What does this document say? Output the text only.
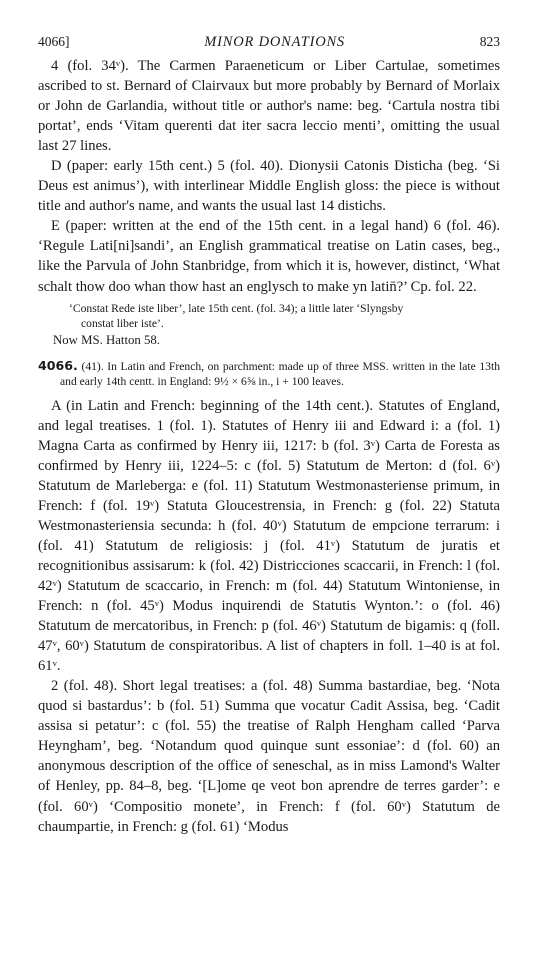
4066]	MINOR DONATIONS	823

4 (fol. 34ᵛ). The Carmen Paraeneticum or Liber Cartulae, sometimes ascribed to st. Bernard of Clairvaux but more probably by Bernard of Morlaix or John de Garlandia, without title or author's name: beg. ‘Cartula nostra tibi portat’, ends ‘Vitam querenti dat iter sacra leccio menti’, omitting the usual last 27 lines.

D (paper: early 15th cent.) 5 (fol. 40). Dionysii Catonis Disticha (beg. ‘Si Deus est animus’), with interlinear Middle English gloss: the piece is without title and author's name, and wants the usual last 14 distichs.

E (paper: written at the end of the 15th cent. in a legal hand) 6 (fol. 46). ‘Regule Lati[ni]sandi’, an English grammatical treatise on Latin cases, beg., like the Parvula of John Stanbridge, from which it is, however, distinct, ‘What schalt thow doo whan thow hast an englysch to make yn latin̄?’ Cp. fol. 22.

‘Constat Rede iste liber’, late 15th cent. (fol. 34); a little later ‘Slyngsby
constat liber iste’.

Now MS. Hatton 58.

4066. (41). In Latin and French, on parchment: made up of three MSS. written in the late 13th and early 14th centt. in England: 9½ × 6⅝ in., i + 100 leaves.

A (in Latin and French: beginning of the 14th cent.). Statutes of England, and legal treatises. 1 (fol. 1). Statutes of Henry iii and Edward i: a (fol. 1) Magna Carta as confirmed by Henry iii, 1217: b (fol. 3ᵛ) Carta de Foresta as confirmed by Henry iii, 1224–5: c (fol. 5) Statutum de Merton: d (fol. 6ᵛ) Statutum de Marleberga: e (fol. 11) Statutum Westmonasteriense primum, in French: f (fol. 19ᵛ) Statuta Gloucestrensia, in French: g (fol. 22) Statuta Westmonasteriensia secunda: h (fol. 40ᵛ) Statutum de empcione terrarum: i (fol. 41) Statutum de religiosis: j (fol. 41ᵛ) Statutum de juratis et recognitionibus assisarum: k (fol. 42) Districciones scaccarii, in French: l (fol. 42ᵛ) Statutum de scaccario, in French: m (fol. 44) Statutum Wintoniense, in French: n (fol. 45ᵛ) Modus inquirendi de Statutis Wynton.’: o (fol. 46) Statutum de mercatoribus, in French: p (fol. 46ᵛ) Statutum de bigamis: q (foll. 47ᵛ, 60ᵛ) Statutum de conspiratoribus. A list of chapters in foll. 1–40 is at fol. 61ᵛ.

2 (fol. 48). Short legal treatises: a (fol. 48) Summa bastardiae, beg. ‘Nota quod si bastardus’: b (fol. 51) Summa que vocatur Cadit Assisa, beg. ‘Cadit assisa si petatur’: c (fol. 55) the treatise of Ralph Hengham called ‘Parva Heyngham’, beg. ‘Notandum quod quinque sunt essoniae’: d (fol. 60) an anonymous description of the office of seneschal, as in miss Lamond's Walter of Henley, pp. 84–8, beg. ‘[L]ome qe veot bon aprendre de terres garder’: e (fol. 60ᵛ) ‘Compositio monete’, in French: f (fol. 60ᵛ) Statutum de chaumpartie, in French: g (fol. 61) ‘Modus
